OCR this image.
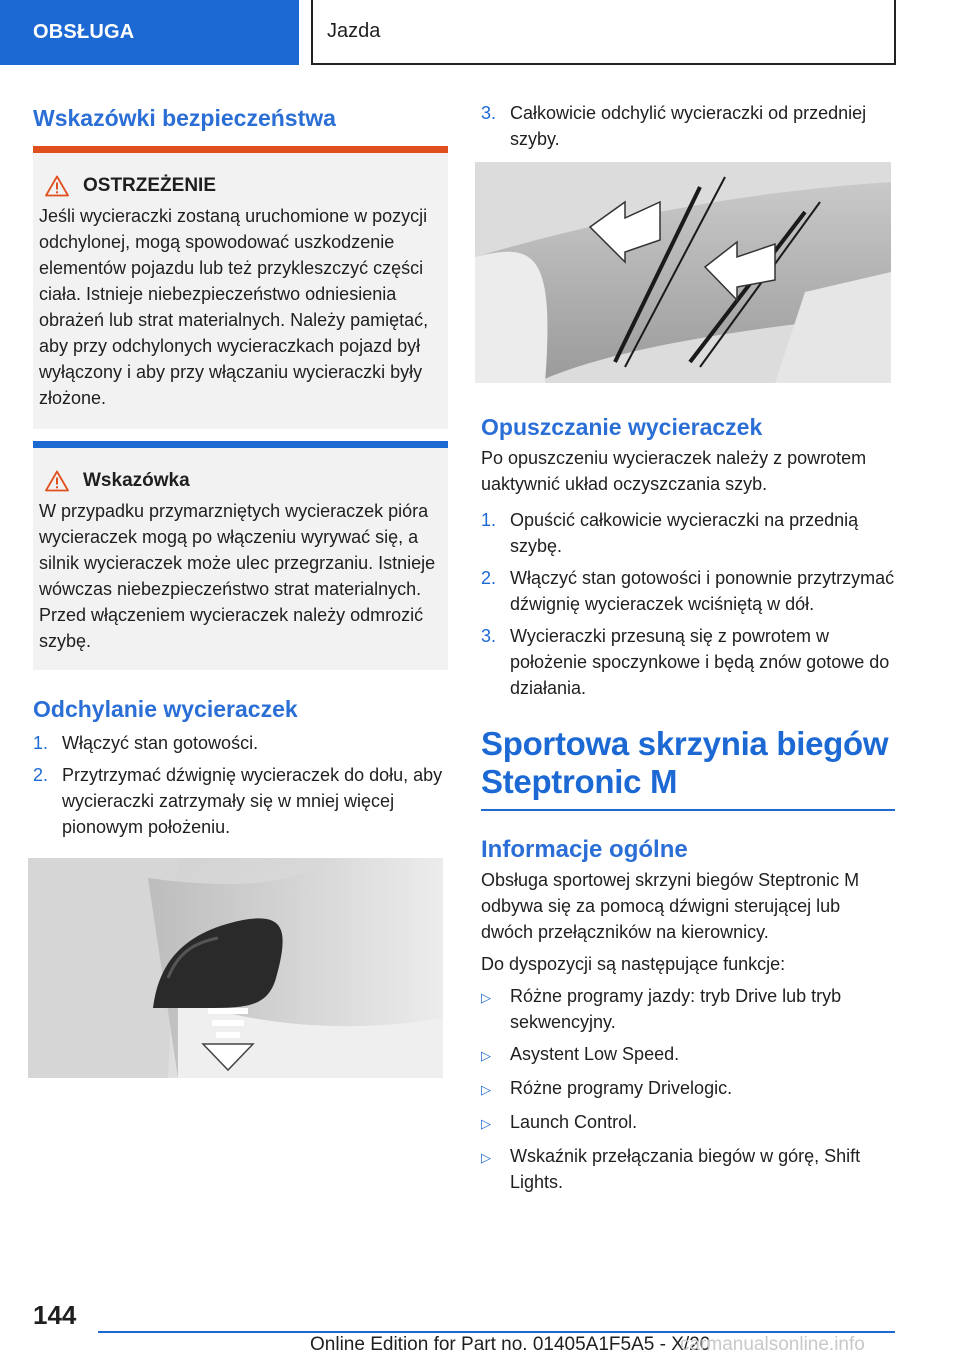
OBSŁUGA	Jazda
Wskazówki bezpieczeństwa
OSTRZEŻENIE

Jeśli wycieraczki zostaną uruchomione w pozycji odchylonej, mogą spowodować uszkodzenie elementów pojazdu lub też przykleszczyć części ciała. Istnieje niebezpieczeństwo odniesienia obrażeń lub strat materialnych. Należy pamiętać, aby przy odchylonych wycieraczkach pojazd był wyłączony i aby przy włączaniu wycieraczki były złożone.

Wskazówka

W przypadku przymarzniętych wycieraczek pióra wycieraczek mogą po włączeniu wyrywać się, a silnik wycieraczek może ulec przegrzaniu. Istnieje wówczas niebezpieczeństwo strat materialnych. Przed włączeniem wycieraczek należy odmrozić szybę.

Odchylanie wycieraczek
1. Włączyć stan gotowości.
2. Przytrzymać dźwignię wycieraczek do dołu, aby wycieraczki zatrzymały się w mniej więcej pionowym położeniu.
3. Całkowicie odchylić wycieraczki od przedniej szyby.
Opuszczanie wycieraczek

Po opuszczeniu wycieraczek należy z powrotem uaktywnić układ oczyszczania szyb.

1. Opuścić całkowicie wycieraczki na przednią szybę.
2. Włączyć stan gotowości i ponownie przytrzymać dźwignię wycieraczek wciśniętą w dół.
3. Wycieraczki przesuną się z powrotem w położenie spoczynkowe i będą znów gotowe do działania.
Sportowa skrzynia biegów Steptronic M
Informacje ogólne

Obsługa sportowej skrzyni biegów Steptronic M odbywa się za pomocą dźwigni sterującej lub dwóch przełączników na kierownicy.

Do dyspozycji są następujące funkcje:

▷	Różne programy jazdy: tryb Drive lub tryb sekwencyjny.
▷	Asystent Low Speed.
▷	Różne programy Drivelogic.
▷	Launch Control.
▷	Wskaźnik przełączania biegów w górę, Shift Lights.
144
Online Edition for Part no. 01405A1F5A5 - X/20
carmanualsonline.info
